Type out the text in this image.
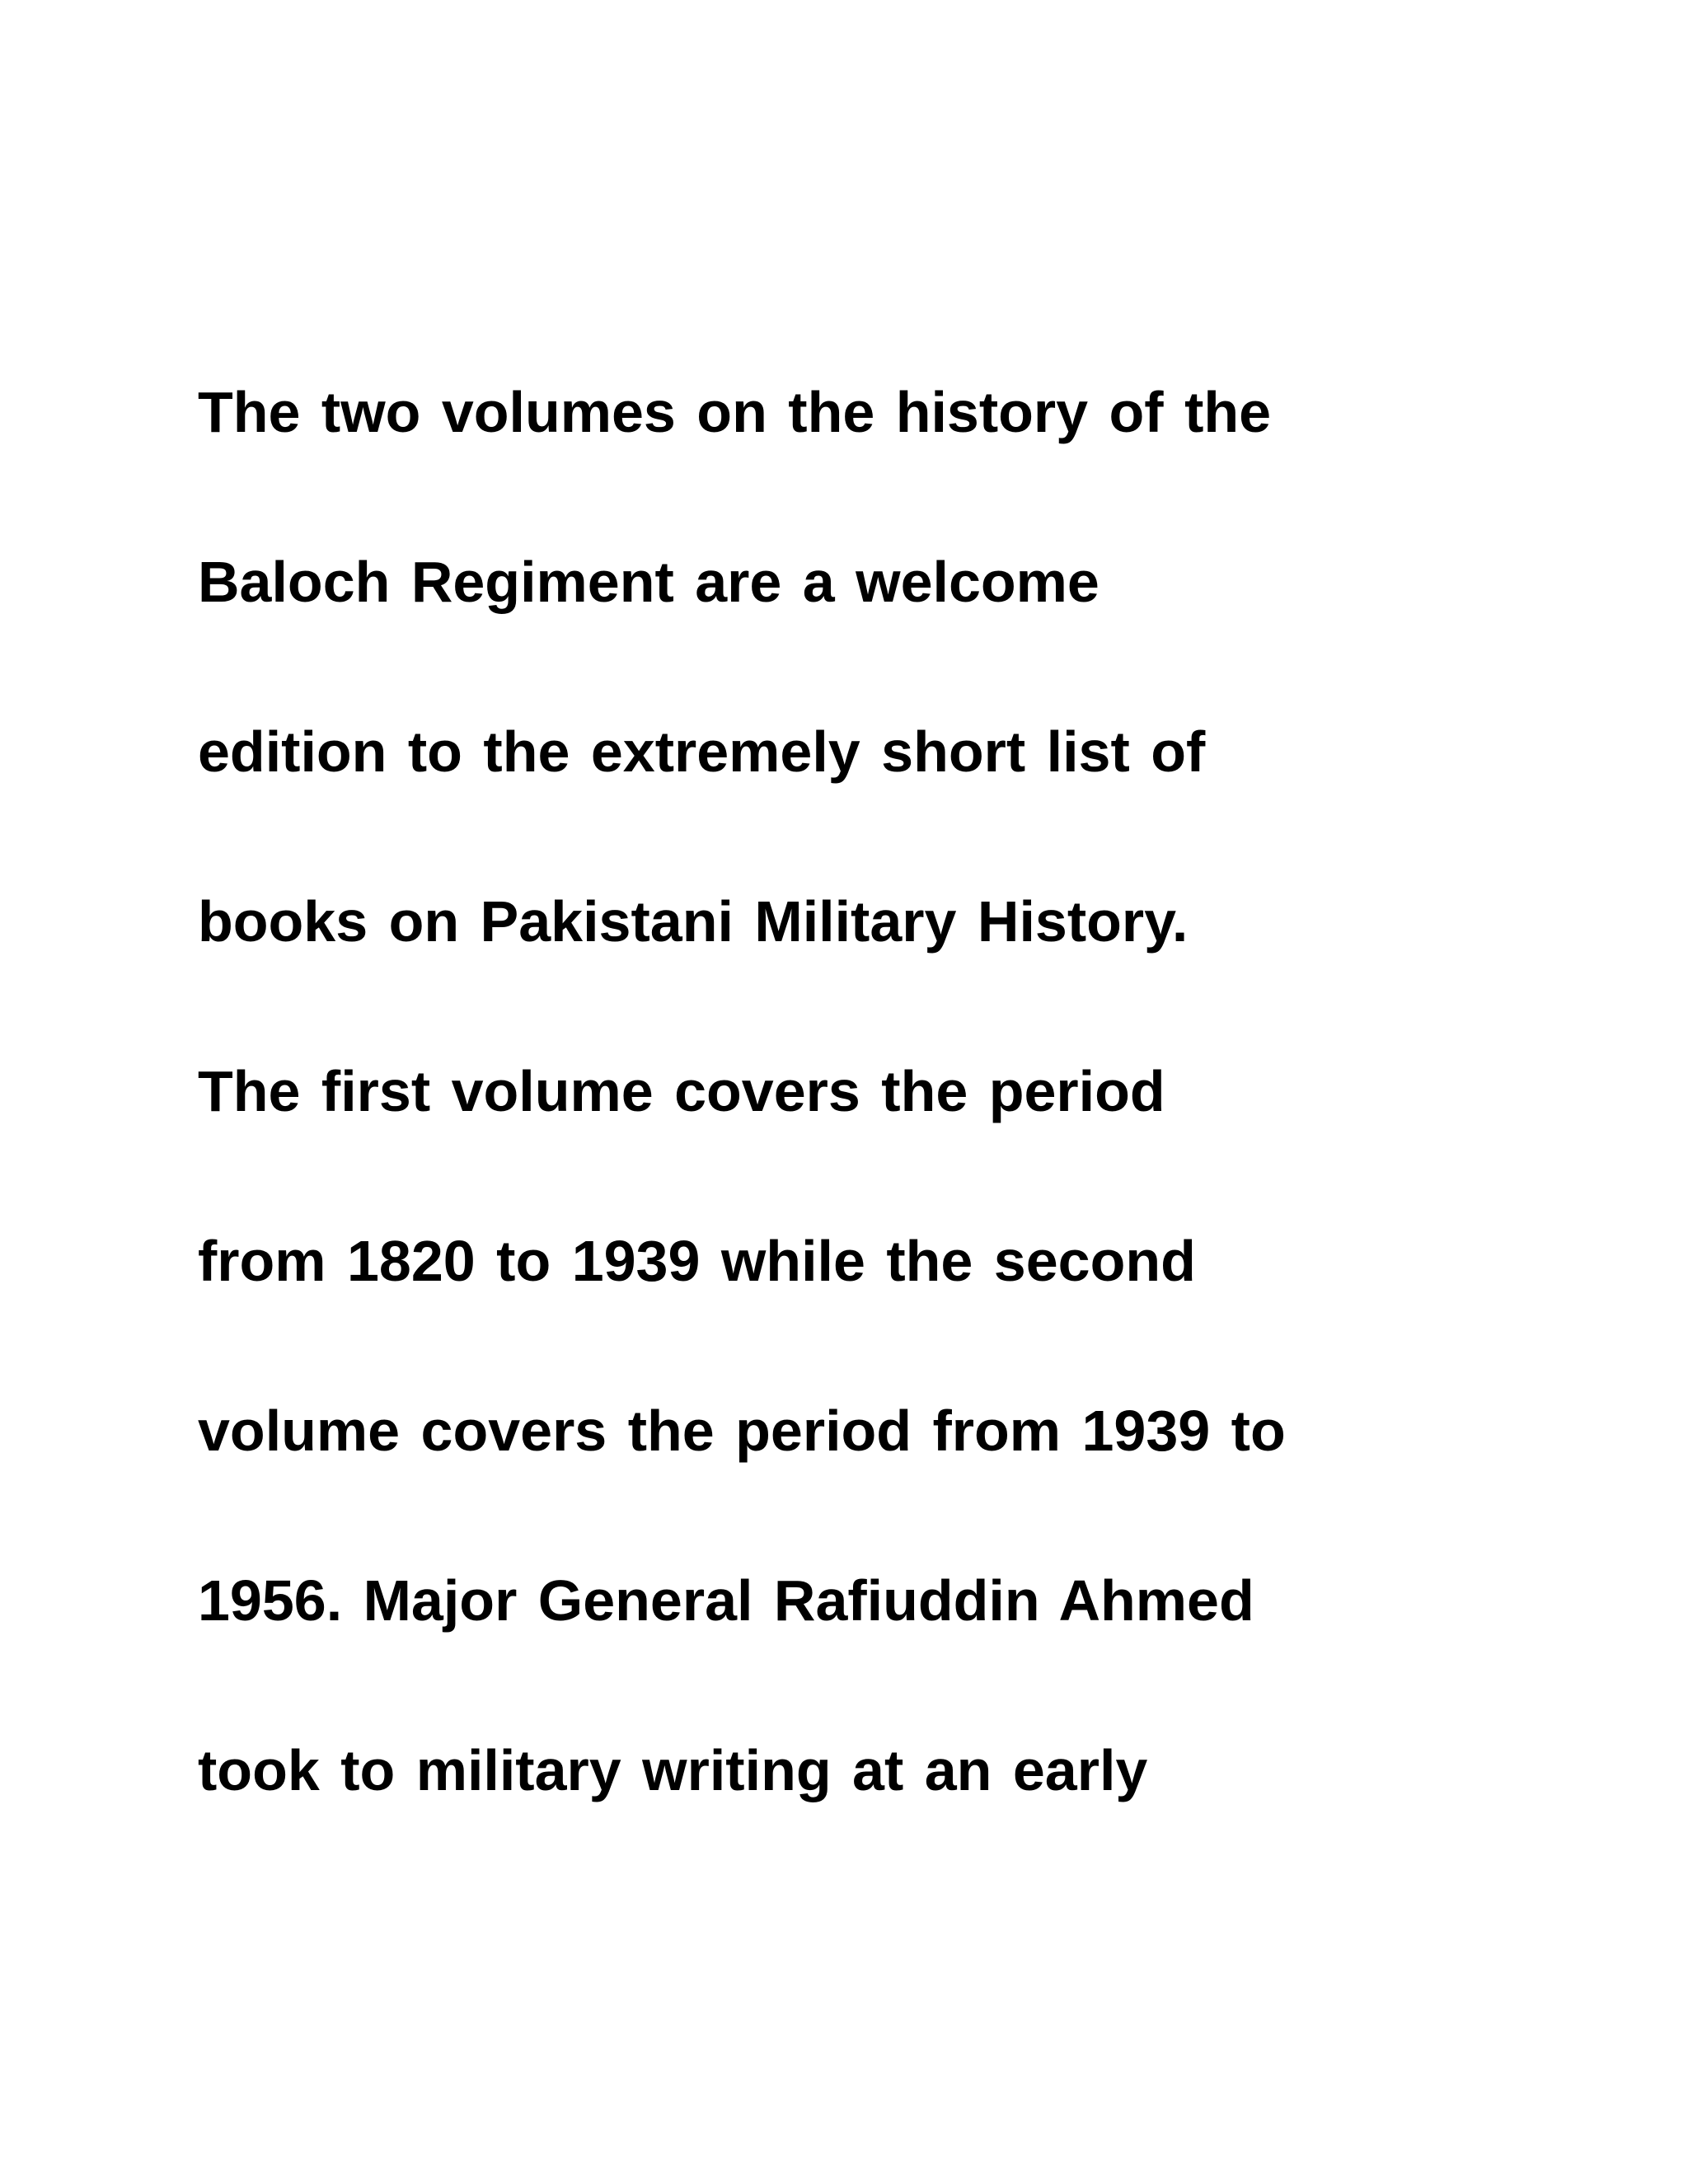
The two volumes on the history of the
Baloch Regiment are a welcome
edition to the extremely short list of
books on Pakistani Military History.
The first volume covers the period
from 1820 to 1939 while the second
volume covers the period from 1939 to
1956. Major General Rafiuddin Ahmed
took to military writing at an early
